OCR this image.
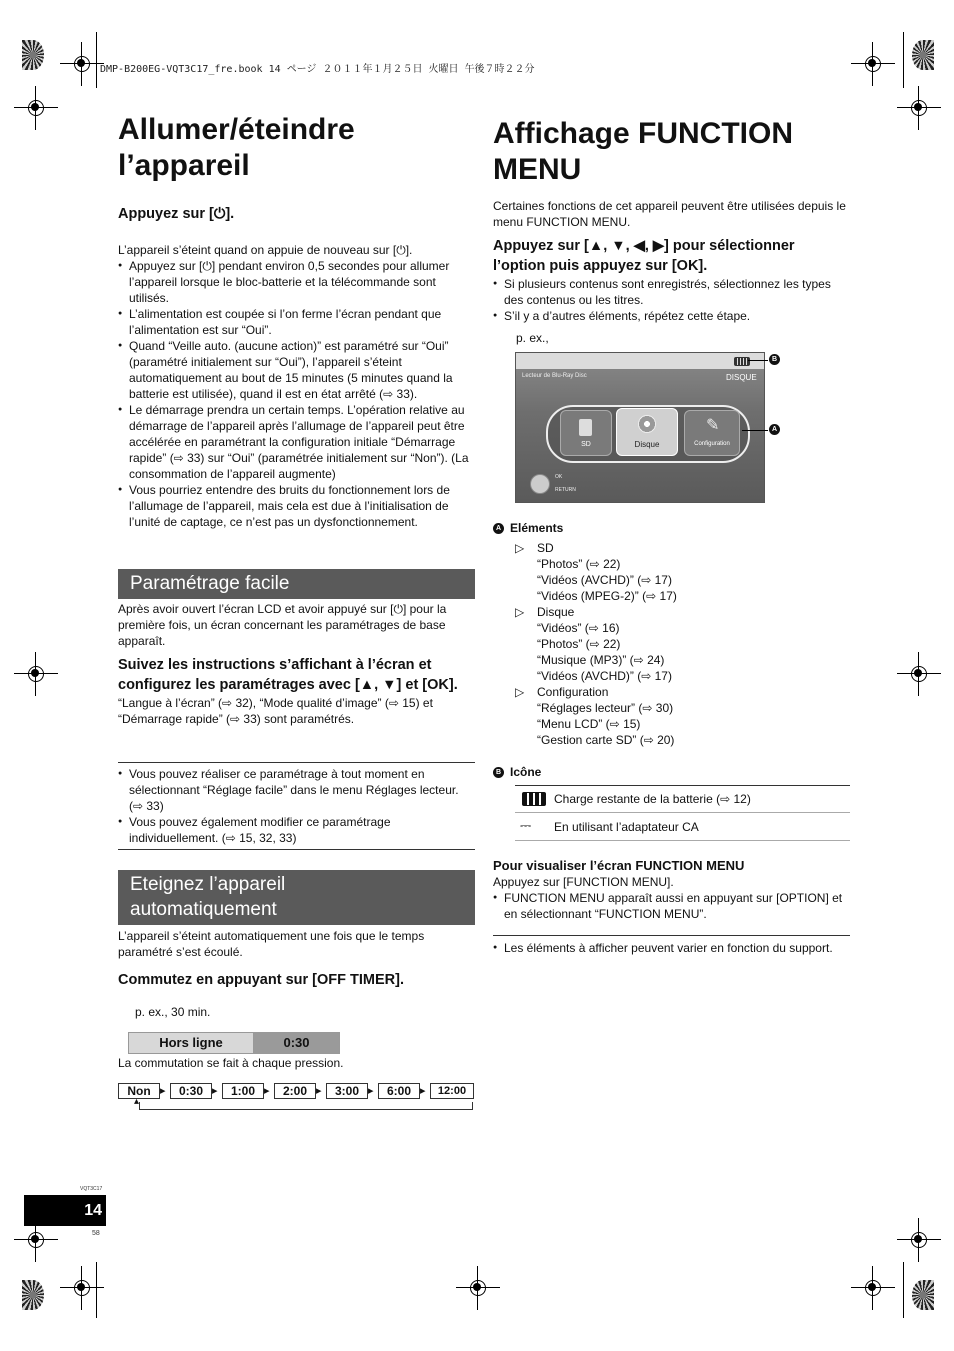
DMP-B200EG-VQT3C17_fre.book 14 ページ ２０１１年１月２５日 火曜日 午後７時２２分
Allumer/éteindre
l’appareil
Appuyez sur [⏻].
L’appareil s’éteint quand on appuie de nouveau sur [⏻].
● Appuyez sur [⏻] pendant environ 0,5 secondes pour allumer l’appareil lorsque le bloc-batterie et la télécommande sont utilisés.
● L’alimentation est coupée si l’on ferme l’écran pendant que l’alimentation est sur “Oui”.
● Quand “Veille auto. (aucune action)” est paramétré sur “Oui” (paramétré initialement sur “Oui”), l’appareil s’éteint automatiquement au bout de 15 minutes (5 minutes quand la batterie est utilisée), quand il est en état arrêté (⇨ 33).
● Le démarrage prendra un certain temps. L’opération relative au démarrage de l’appareil après l’allumage de l’appareil peut être accélérée en paramétrant la configuration initiale “Démarrage rapide” (⇨ 33) sur “Oui” (paramétrée initialement sur “Non”). (La consommation de l’appareil augmente)
● Vous pourriez entendre des bruits du fonctionnement lors de l’allumage de l’appareil, mais cela est due à l’initialisation de l’unité de captage, ce n’est pas un dysfonctionnement.
Paramétrage facile
Après avoir ouvert l’écran LCD et avoir appuyé sur [⏻] pour la première fois, un écran concernant les paramétrages de base apparaît.
Suivez les instructions s’affichant à l’écran et configurez les paramétrages avec [▲, ▼] et [OK].
“Langue à l’écran” (⇨ 32), “Mode qualité d’image” (⇨ 15) et “Démarrage rapide” (⇨ 33) sont paramétrés.
● Vous pouvez réaliser ce paramétrage à tout moment en sélectionnant “Réglage facile” dans le menu Réglages lecteur. (⇨ 33)
● Vous pouvez également modifier ce paramétrage individuellement. (⇨ 15, 32, 33)
Eteignez l’appareil
automatiquement
L’appareil s’éteint automatiquement une fois que le temps paramétré s’est écoulé.
Commutez en appuyant sur [OFF TIMER].
p. ex., 30 min.
Hors ligne	0:30
La commutation se fait à chaque pression.
Non ▸	0:30 ▸	1:00 ▸	2:00 ▸	3:00 ▸	6:00 ▸	12:00
▴
Affichage FUNCTION
MENU
Certaines fonctions de cet appareil peuvent être utilisées depuis le menu FUNCTION MENU.
Appuyez sur [▲, ▼, ◀, ▶] pour sélectionner l’option puis appuyez sur [OK].
● Si plusieurs contenus sont enregistrés, sélectionnez les types des contenus ou les titres.
● S’il y a d’autres éléments, répétez cette étape.
p. ex.,
Lecteur de Blu-Ray Disc	DISQUE
SD	Disque
✎
Configuration
OK
RETURN
B
A
A Eléments
▷ SD
“Photos” (⇨ 22)
“Vidéos (AVCHD)” (⇨ 17)
“Vidéos (MPEG-2)” (⇨ 17)
▷ Disque
“Vidéos” (⇨ 16)
“Photos” (⇨ 22)
“Musique (MP3)” (⇨ 24)
“Vidéos (AVCHD)” (⇨ 17)
▷ Configuration
“Réglages lecteur” (⇨ 30)
“Menu LCD” (⇨ 15)
“Gestion carte SD” (⇨ 20)
B Icône
Charge restante de la batterie (⇨ 12)
⎓ En utilisant l’adaptateur CA
Pour visualiser l’écran FUNCTION MENU
Appuyez sur [FUNCTION MENU].
● FUNCTION MENU apparaît aussi en appuyant sur [OPTION] et en sélectionnant “FUNCTION MENU”.
● Les éléments à afficher peuvent varier en fonction du support.
VQT3C17
14
58
